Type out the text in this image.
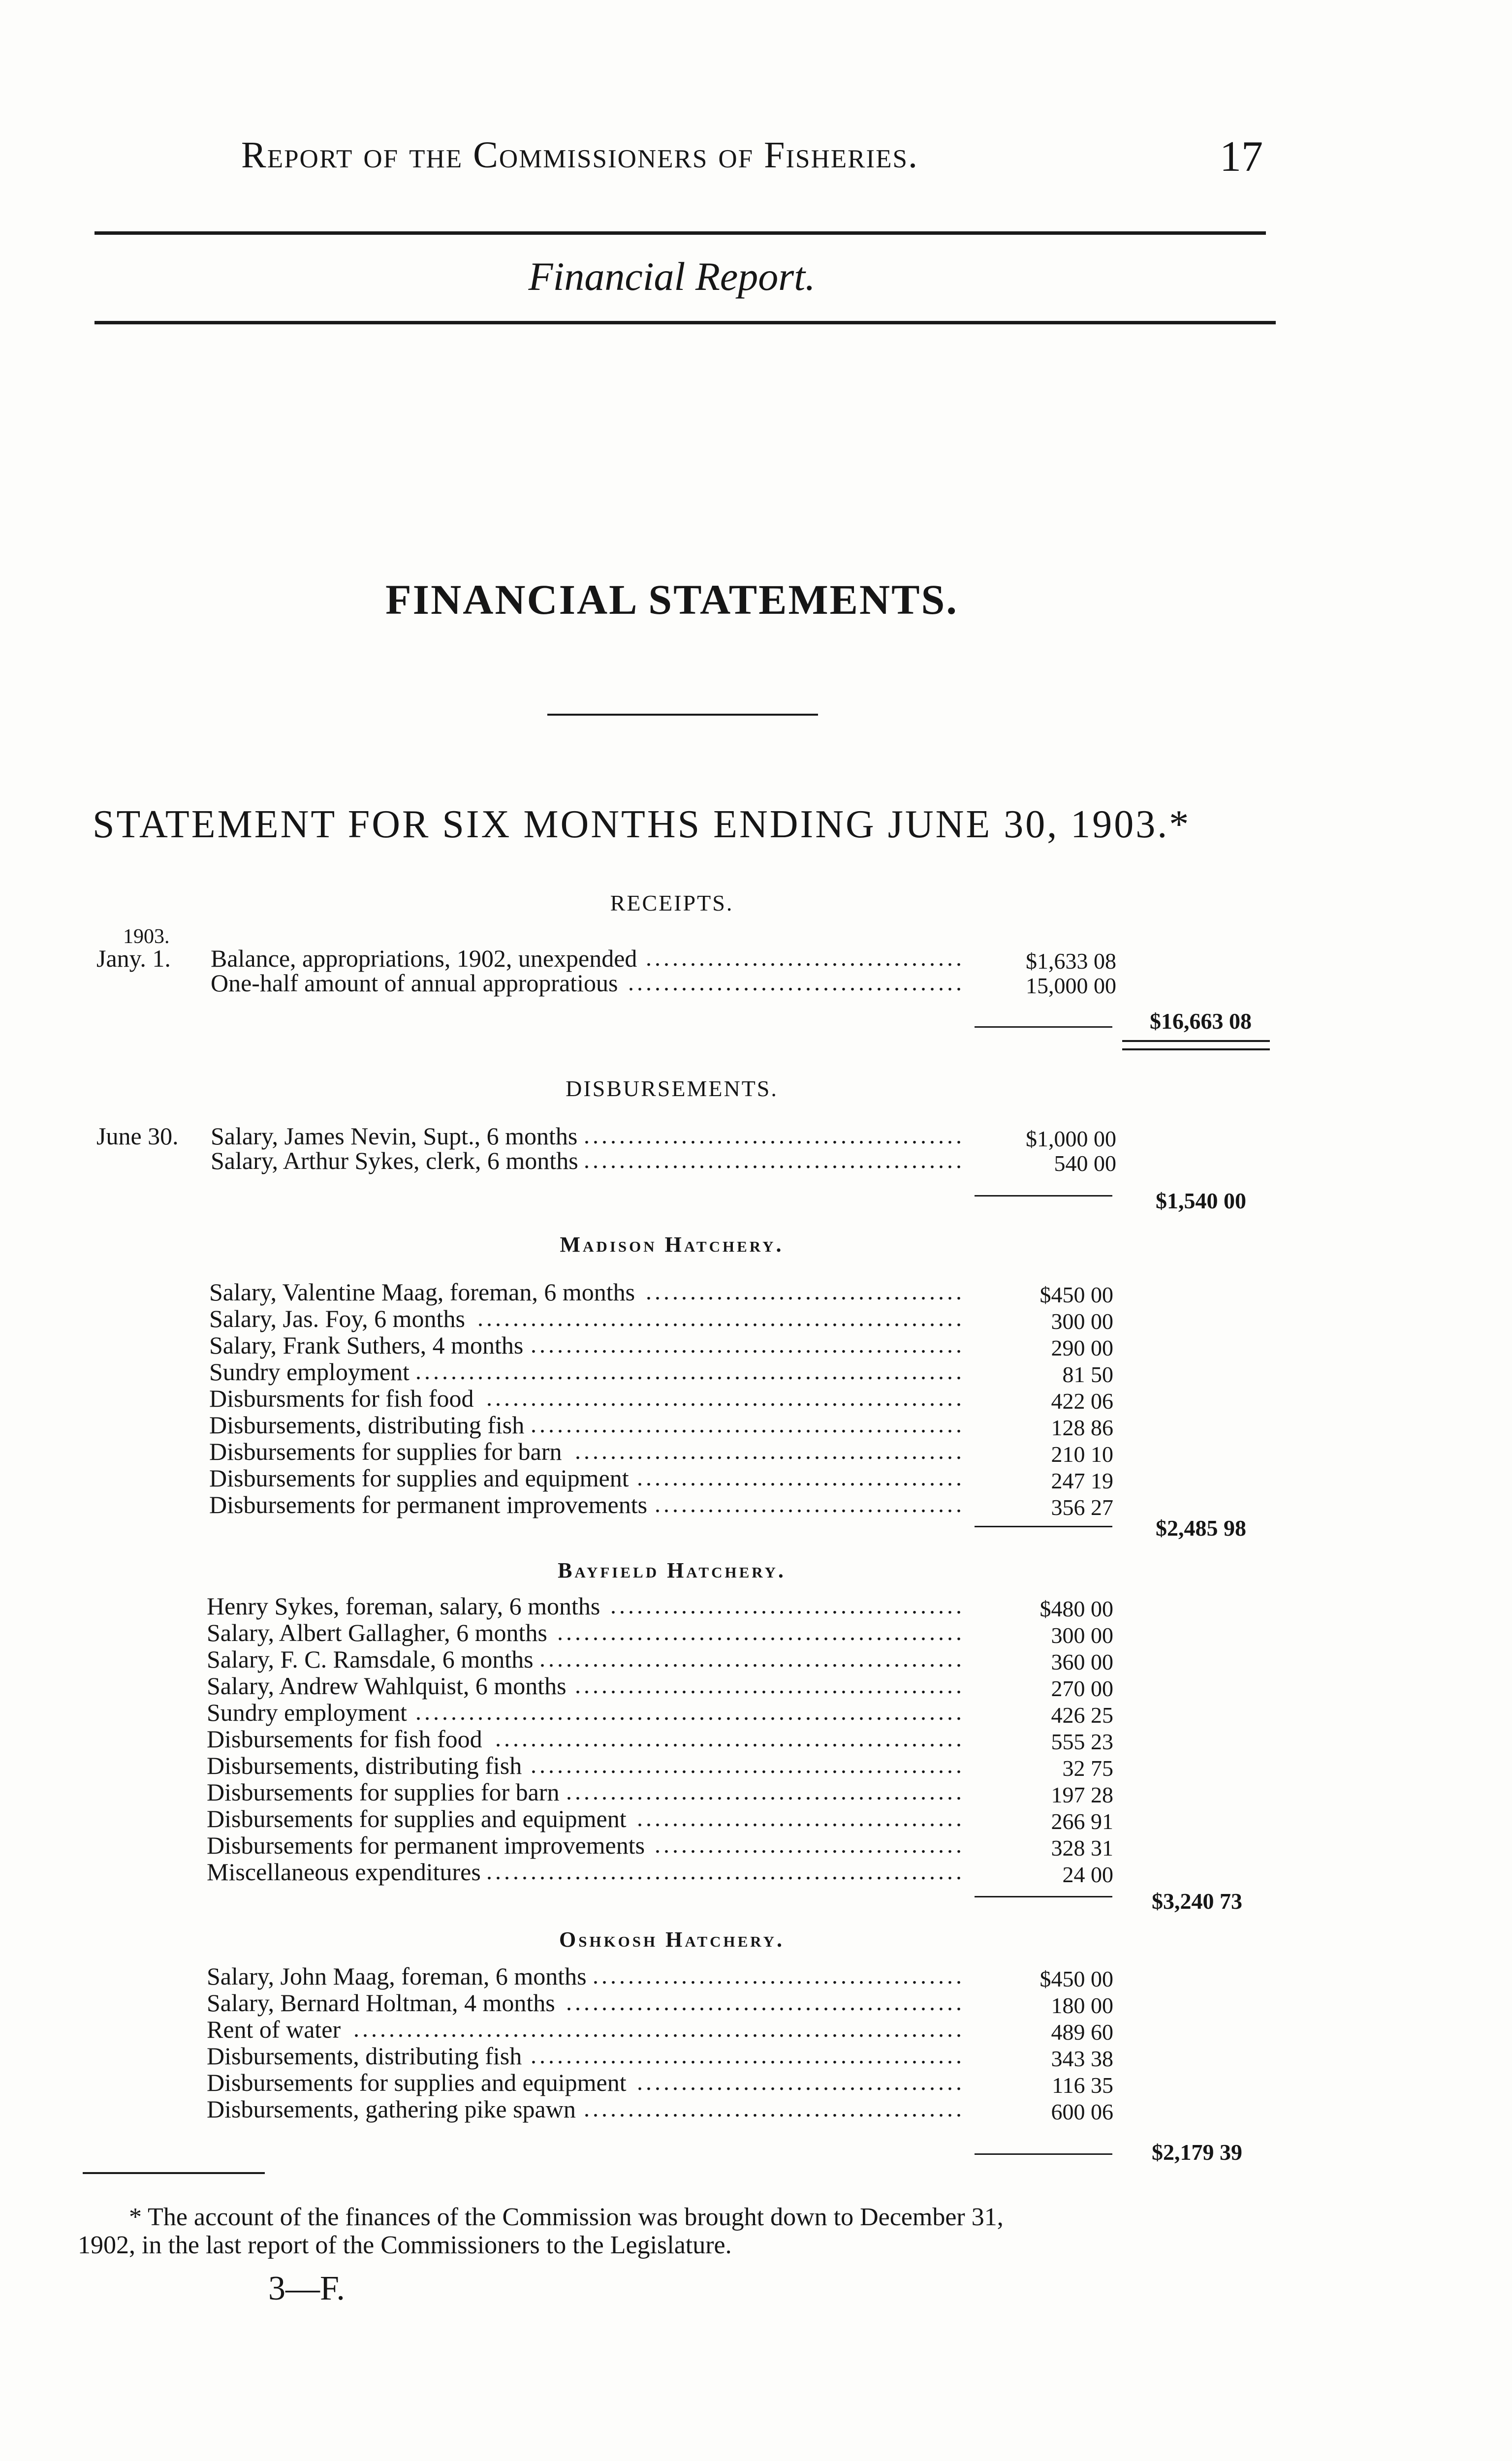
Report of the Commissioners of Fisheries.	17
Financial Report.
FINANCIAL STATEMENTS.
STATEMENT FOR SIX MONTHS ENDING JUNE 30, 1903.*
RECEIPTS.
1903.
Jany. 1. Balance, appropriations, 1902, unexpended ....................................	$1,633 08
One-half amount of annual appropratious ......................................	15,000 00
$16,663 08
DISBURSEMENTS.
June 30. Salary, James Nevin, Supt., 6 months ...........................................	$1,000 00
Salary, Arthur Sykes, clerk, 6 months ...........................................	540 00
$1,540 00
Madison Hatchery.
Salary, Valentine Maag, foreman, 6 months ....................................	$450 00
Salary, Jas. Foy, 6 months .......................................................	300 00
Salary, Frank Suthers, 4 months .................................................	290 00
Sundry employment ..............................................................	81 50
Disbursments for fish food ......................................................	422 06
Disbursements, distributing fish .................................................	128 86
Disbursements for supplies for barn ............................................	210 10
Disbursements for supplies and equipment .....................................	247 19
Disbursements for permanent improvements ...................................	356 27
$2,485 98
Bayfield Hatchery.
Henry Sykes, foreman, salary, 6 months ........................................	$480 00
Salary, Albert Gallagher, 6 months ..............................................	300 00
Salary, F. C. Ramsdale, 6 months ................................................	360 00
Salary, Andrew Wahlquist, 6 months ............................................	270 00
Sundry employment ..............................................................	426 25
Disbursements for fish food .....................................................	555 23
Disbursements, distributing fish .................................................	32 75
Disbursements for supplies for barn .............................................	197 28
Disbursements for supplies and equipment .....................................	266 91
Disbursements for permanent improvements ...................................	328 31
Miscellaneous expenditures ......................................................	24 00
$3,240 73
Oshkosh Hatchery.
Salary, John Maag, foreman, 6 months ..........................................	$450 00
Salary, Bernard Holtman, 4 months .............................................	180 00
Rent of water .....................................................................	489 60
Disbursements, distributing fish .................................................	343 38
Disbursements for supplies and equipment .....................................	116 35
Disbursements, gathering pike spawn ...........................................	600 06
$2,179 39
* The account of the finances of the Commission was brought down to December 31,
1902, in the last report of the Commissioners to the Legislature.
3—F.
